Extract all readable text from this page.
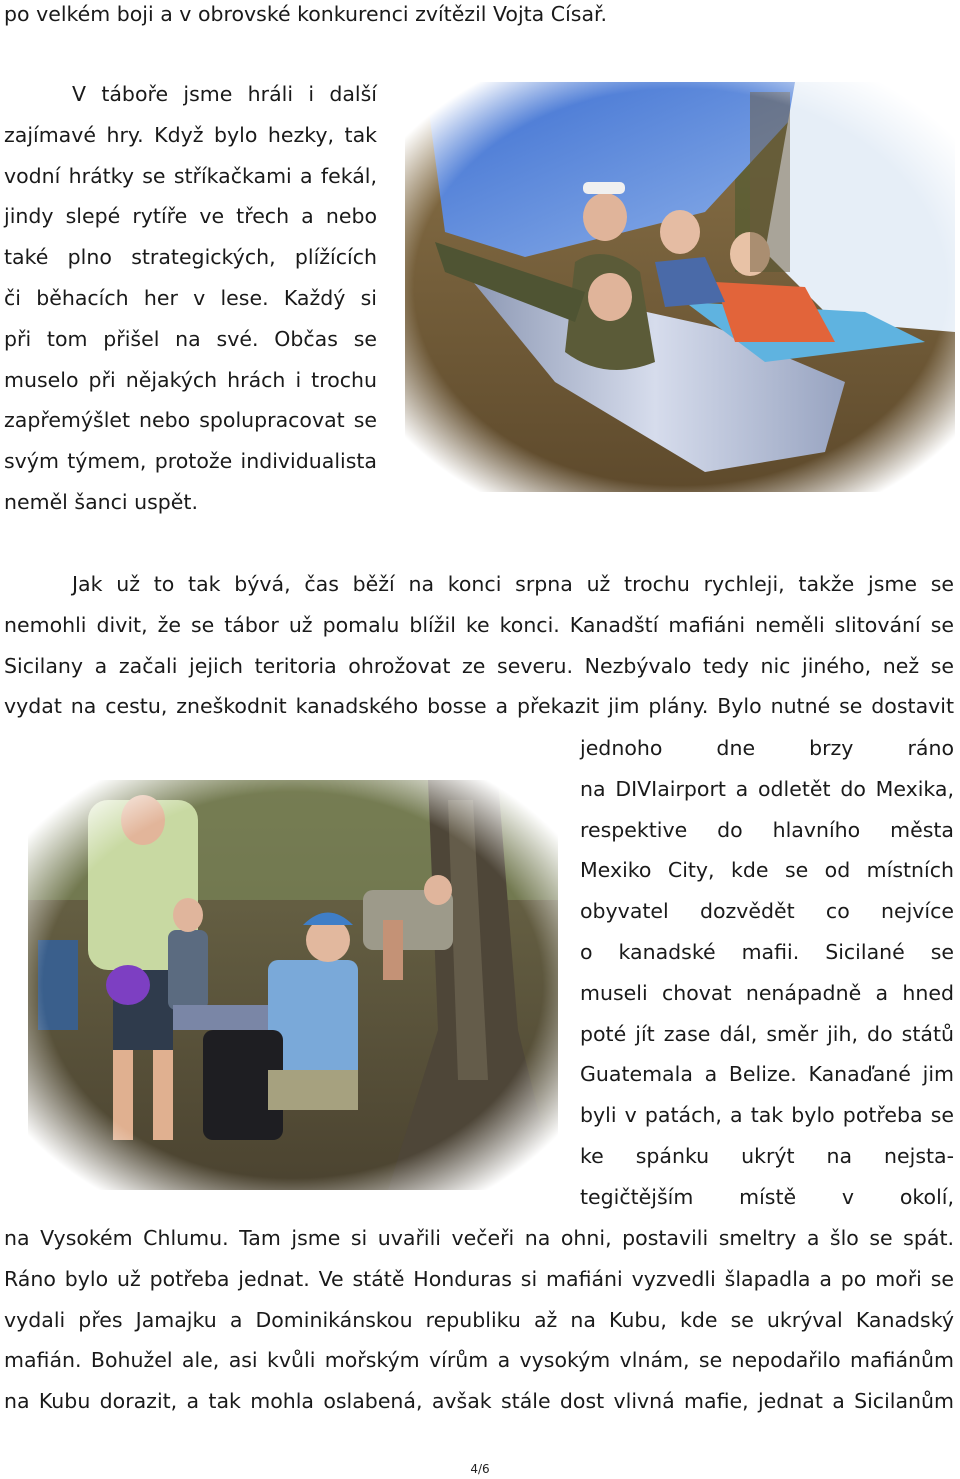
po velkém boji a v obrovské konkurenci zvítězil Vojta Císař.
V táboře jsme hráli i další
zajímavé hry. Když bylo hezky, tak
vodní hrátky se stříkačkami a fekál,
jindy slepé rytíře ve třech a nebo
také plno strategických, plížících
či běhacích her v lese. Každý si
při tom přišel na své. Občas se
muselo při nějakých hrách i trochu
zapřemýšlet nebo spolupracovat se
svým týmem, protože individualista
neměl šanci uspět.
Jak už to tak bývá, čas běží na konci srpna už trochu rychleji, takže jsme se
nemohli divit, že se tábor už pomalu blížil ke konci. Kanadští mafiáni neměli slitování se
Sicilany a začali jejich teritoria ohrožovat ze severu. Nezbývalo tedy nic jiného, než se
vydat na cestu, zneškodnit kanadského bosse a překazit jim plány. Bylo nutné se dostavit
jednoho dne brzy ráno
na DIVIairport a odletět do Mexika,
respektive do hlavního města
Mexiko City, kde se od místních
obyvatel dozvědět co nejvíce
o kanadské mafii. Sicilané se
museli chovat nenápadně a hned
poté jít zase dál, směr jih, do států
Guatemala a Belize. Kanaďané jim
byli v patách, a tak bylo potřeba se
ke spánku ukrýt na nejsta-
tegičtějším místě v okolí,
na Vysokém Chlumu. Tam jsme si uvařili večeři na ohni, postavili smeltry a šlo se spát.
Ráno bylo už potřeba jednat. Ve státě Honduras si mafiáni vyzvedli šlapadla a po moři se
vydali přes Jamajku a Dominikánskou republiku až na Kubu, kde se ukrýval Kanadský
mafián. Bohužel ale, asi kvůli mořským vírům a vysokým vlnám, se nepodařilo mafiánům
na Kubu dorazit, a tak mohla oslabená, avšak stále dost vlivná mafie, jednat a Sicilanům
4/6
